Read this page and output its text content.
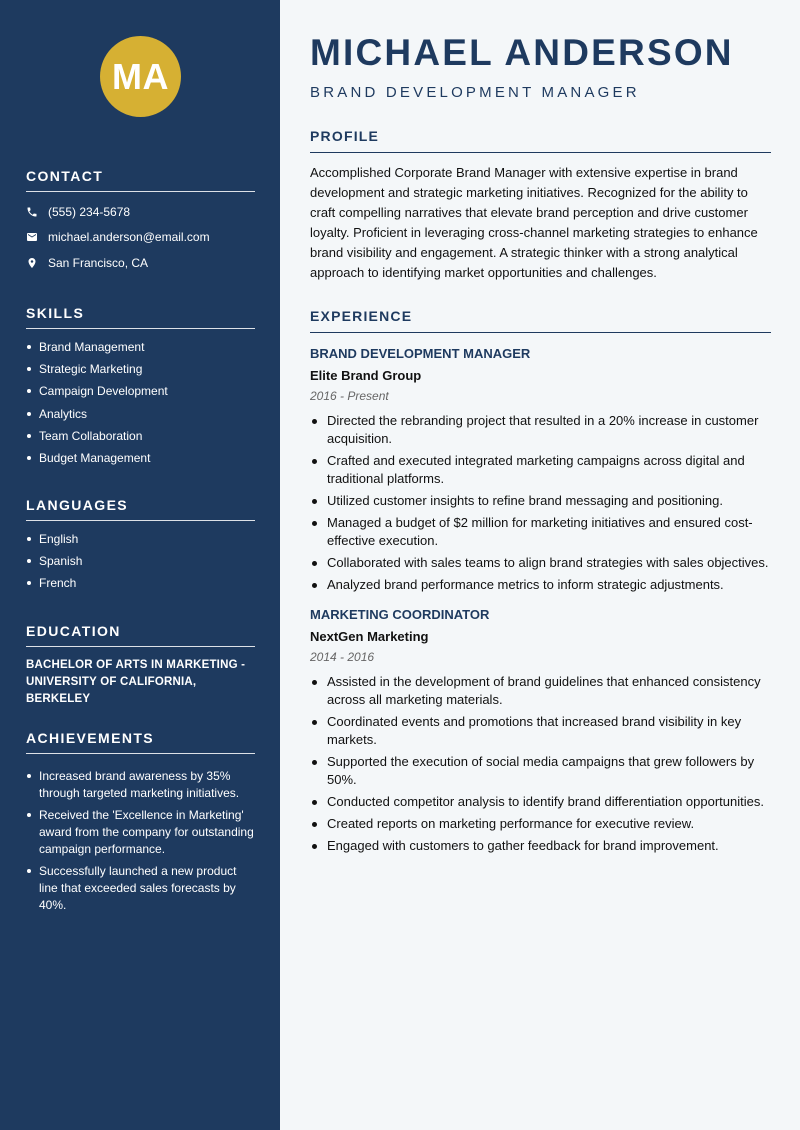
MA
CONTACT
(555) 234-5678
michael.anderson@email.com
San Francisco, CA
SKILLS
Brand Management
Strategic Marketing
Campaign Development
Analytics
Team Collaboration
Budget Management
LANGUAGES
English
Spanish
French
EDUCATION
BACHELOR OF ARTS IN MARKETING - UNIVERSITY OF CALIFORNIA, BERKELEY
ACHIEVEMENTS
Increased brand awareness by 35% through targeted marketing initiatives.
Received the 'Excellence in Marketing' award from the company for outstanding campaign performance.
Successfully launched a new product line that exceeded sales forecasts by 40%.
MICHAEL ANDERSON
BRAND DEVELOPMENT MANAGER
PROFILE

Accomplished Corporate Brand Manager with extensive expertise in brand development and strategic marketing initiatives. Recognized for the ability to craft compelling narratives that elevate brand perception and drive customer loyalty. Proficient in leveraging cross-channel marketing strategies to enhance brand visibility and engagement. A strategic thinker with a strong analytical approach to identifying market opportunities and challenges.

EXPERIENCE
BRAND DEVELOPMENT MANAGER
Elite Brand Group
2016 - Present
Directed the rebranding project that resulted in a 20% increase in customer acquisition.
Crafted and executed integrated marketing campaigns across digital and traditional platforms.
Utilized customer insights to refine brand messaging and positioning.
Managed a budget of $2 million for marketing initiatives and ensured cost-effective execution.
Collaborated with sales teams to align brand strategies with sales objectives.
Analyzed brand performance metrics to inform strategic adjustments.
MARKETING COORDINATOR
NextGen Marketing
2014 - 2016
Assisted in the development of brand guidelines that enhanced consistency across all marketing materials.
Coordinated events and promotions that increased brand visibility in key markets.
Supported the execution of social media campaigns that grew followers by 50%.
Conducted competitor analysis to identify brand differentiation opportunities.
Created reports on marketing performance for executive review.
Engaged with customers to gather feedback for brand improvement.
